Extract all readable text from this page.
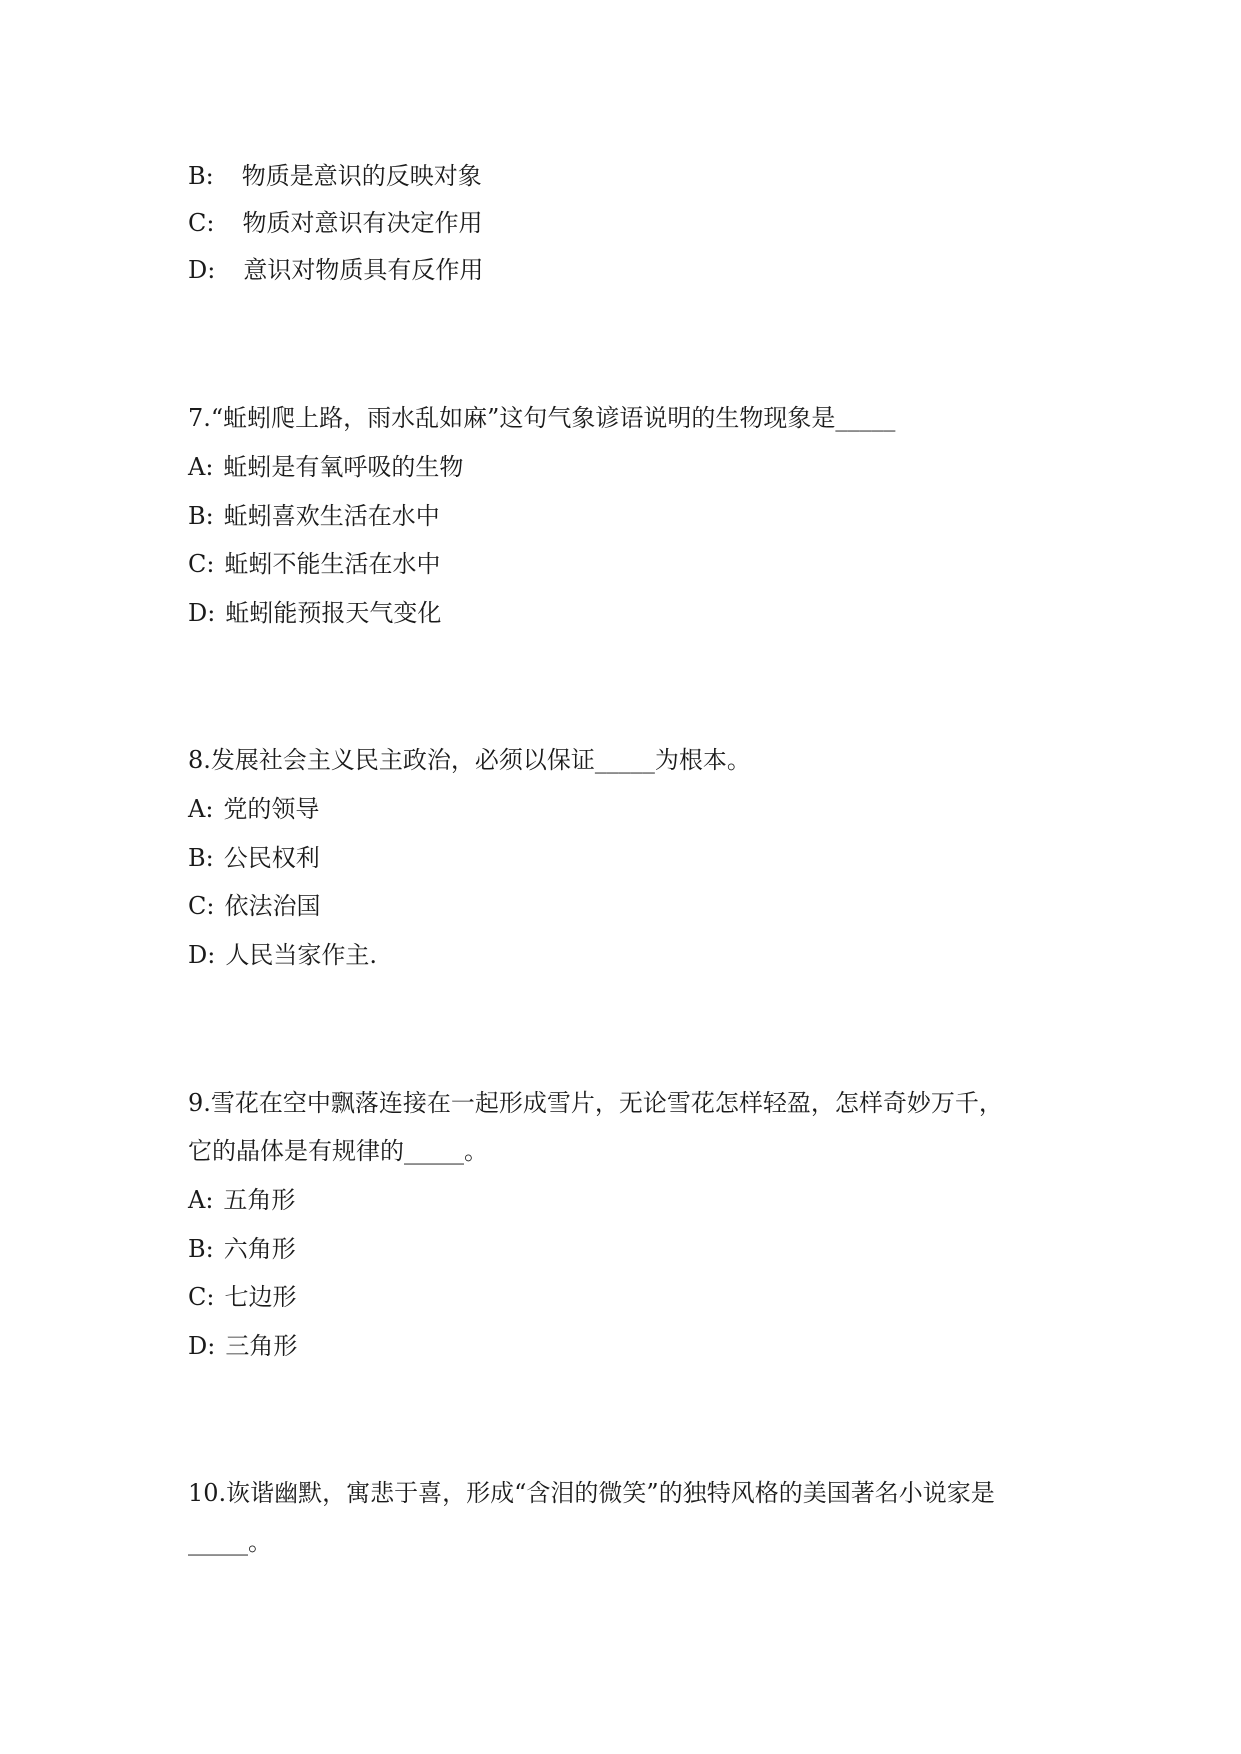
B: 物质是意识的反映对象
C: 物质对意识有决定作用
D: 意识对物质具有反作用
7.“蚯蚓爬上路，雨水乱如麻”这句气象谚语说明的生物现象是_____
A: 蚯蚓是有氧呼吸的生物
B: 蚯蚓喜欢生活在水中
C: 蚯蚓不能生活在水中
D: 蚯蚓能预报天气变化
8.发展社会主义民主政治，必须以保证_____为根本。
A: 党的领导
B: 公民权利
C: 依法治国
D: 人民当家作主.
9.雪花在空中飘落连接在一起形成雪片，无论雪花怎样轻盈，怎样奇妙万千，
它的晶体是有规律的_____。
A: 五角形
B: 六角形
C: 七边形
D: 三角形
10.诙谐幽默，寓悲于喜，形成“含泪的微笑”的独特风格的美国著名小说家是
_____。
